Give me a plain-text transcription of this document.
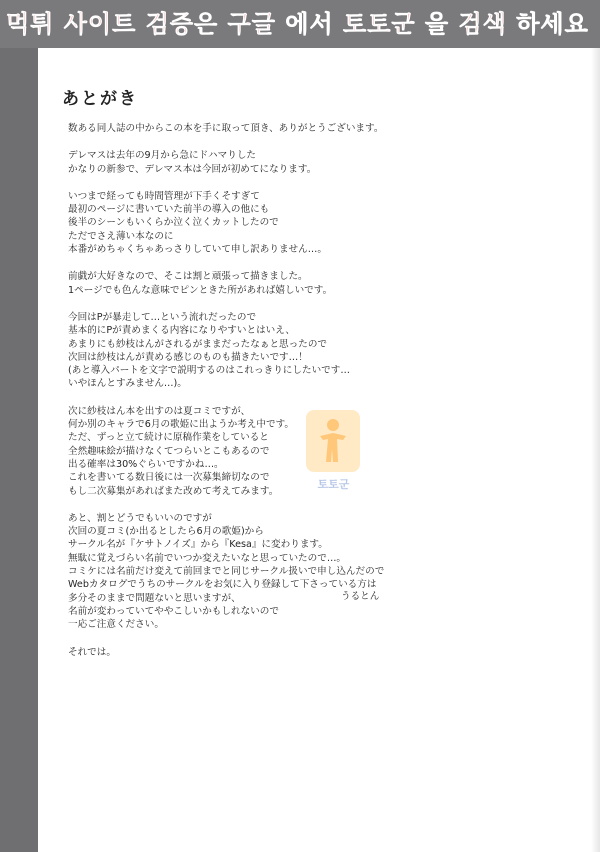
먹튀 사이트 검증은 구글 에서 토토군 을 검색 하세요
あとがき
数ある同人誌の中からこの本を手に取って頂き、ありがとうございます。
デレマスは去年の9月から急にドハマりした
かなりの新参で、デレマス本は今回が初めてになります。
いつまで経っても時間管理が下手くそすぎて
最初のページに書いていた前半の導入の他にも
後半のシーンもいくらか泣く泣くカットしたので
ただでさえ薄い本なのに
本番がめちゃくちゃあっさりしていて申し訳ありません…。
前戯が大好きなので、そこは割と頑張って描きました。
1ページでも色んな意味でピンときた所があれば嬉しいです。
今回はPが暴走して…という流れだったので
基本的にPが責めまくる内容になりやすいとはいえ、
あまりにも紗枝はんがされるがままだったなぁと思ったので
次回は紗枝はんが責める感じのものも描きたいです…！
(あと導入パートを文字で説明するのはこれっきりにしたいです…
いやほんとすみません…)。
次に紗枝はん本を出すのは夏コミですが、
何か別のキャラで6月の歌姫に出ようか考え中です。
ただ、ずっと立て続けに原稿作業をしていると
全然趣味絵が描けなくてつらいとこもあるので
出る確率は30%ぐらいですかね…。
これを書いてる数日後には一次募集締切なので
もし二次募集があればまた改めて考えてみます。
あと、割とどうでもいいのですが
次回の夏コミ(か出るとしたら6月の歌姫)から
サークル名が『ケサトノイズ』から『Kesa』に変わります。
無駄に覚えづらい名前でいつか変えたいなと思っていたので…。
コミケには名前だけ変えて前回までと同じサークル扱いで申し込んだので
Webカタログでうちのサークルをお気に入り登録して下さっている方は
多分そのままで問題ないと思いますが、
名前が変わっていてややこしいかもしれないので
一応ご注意ください。
それでは。
うるとん
토토군
